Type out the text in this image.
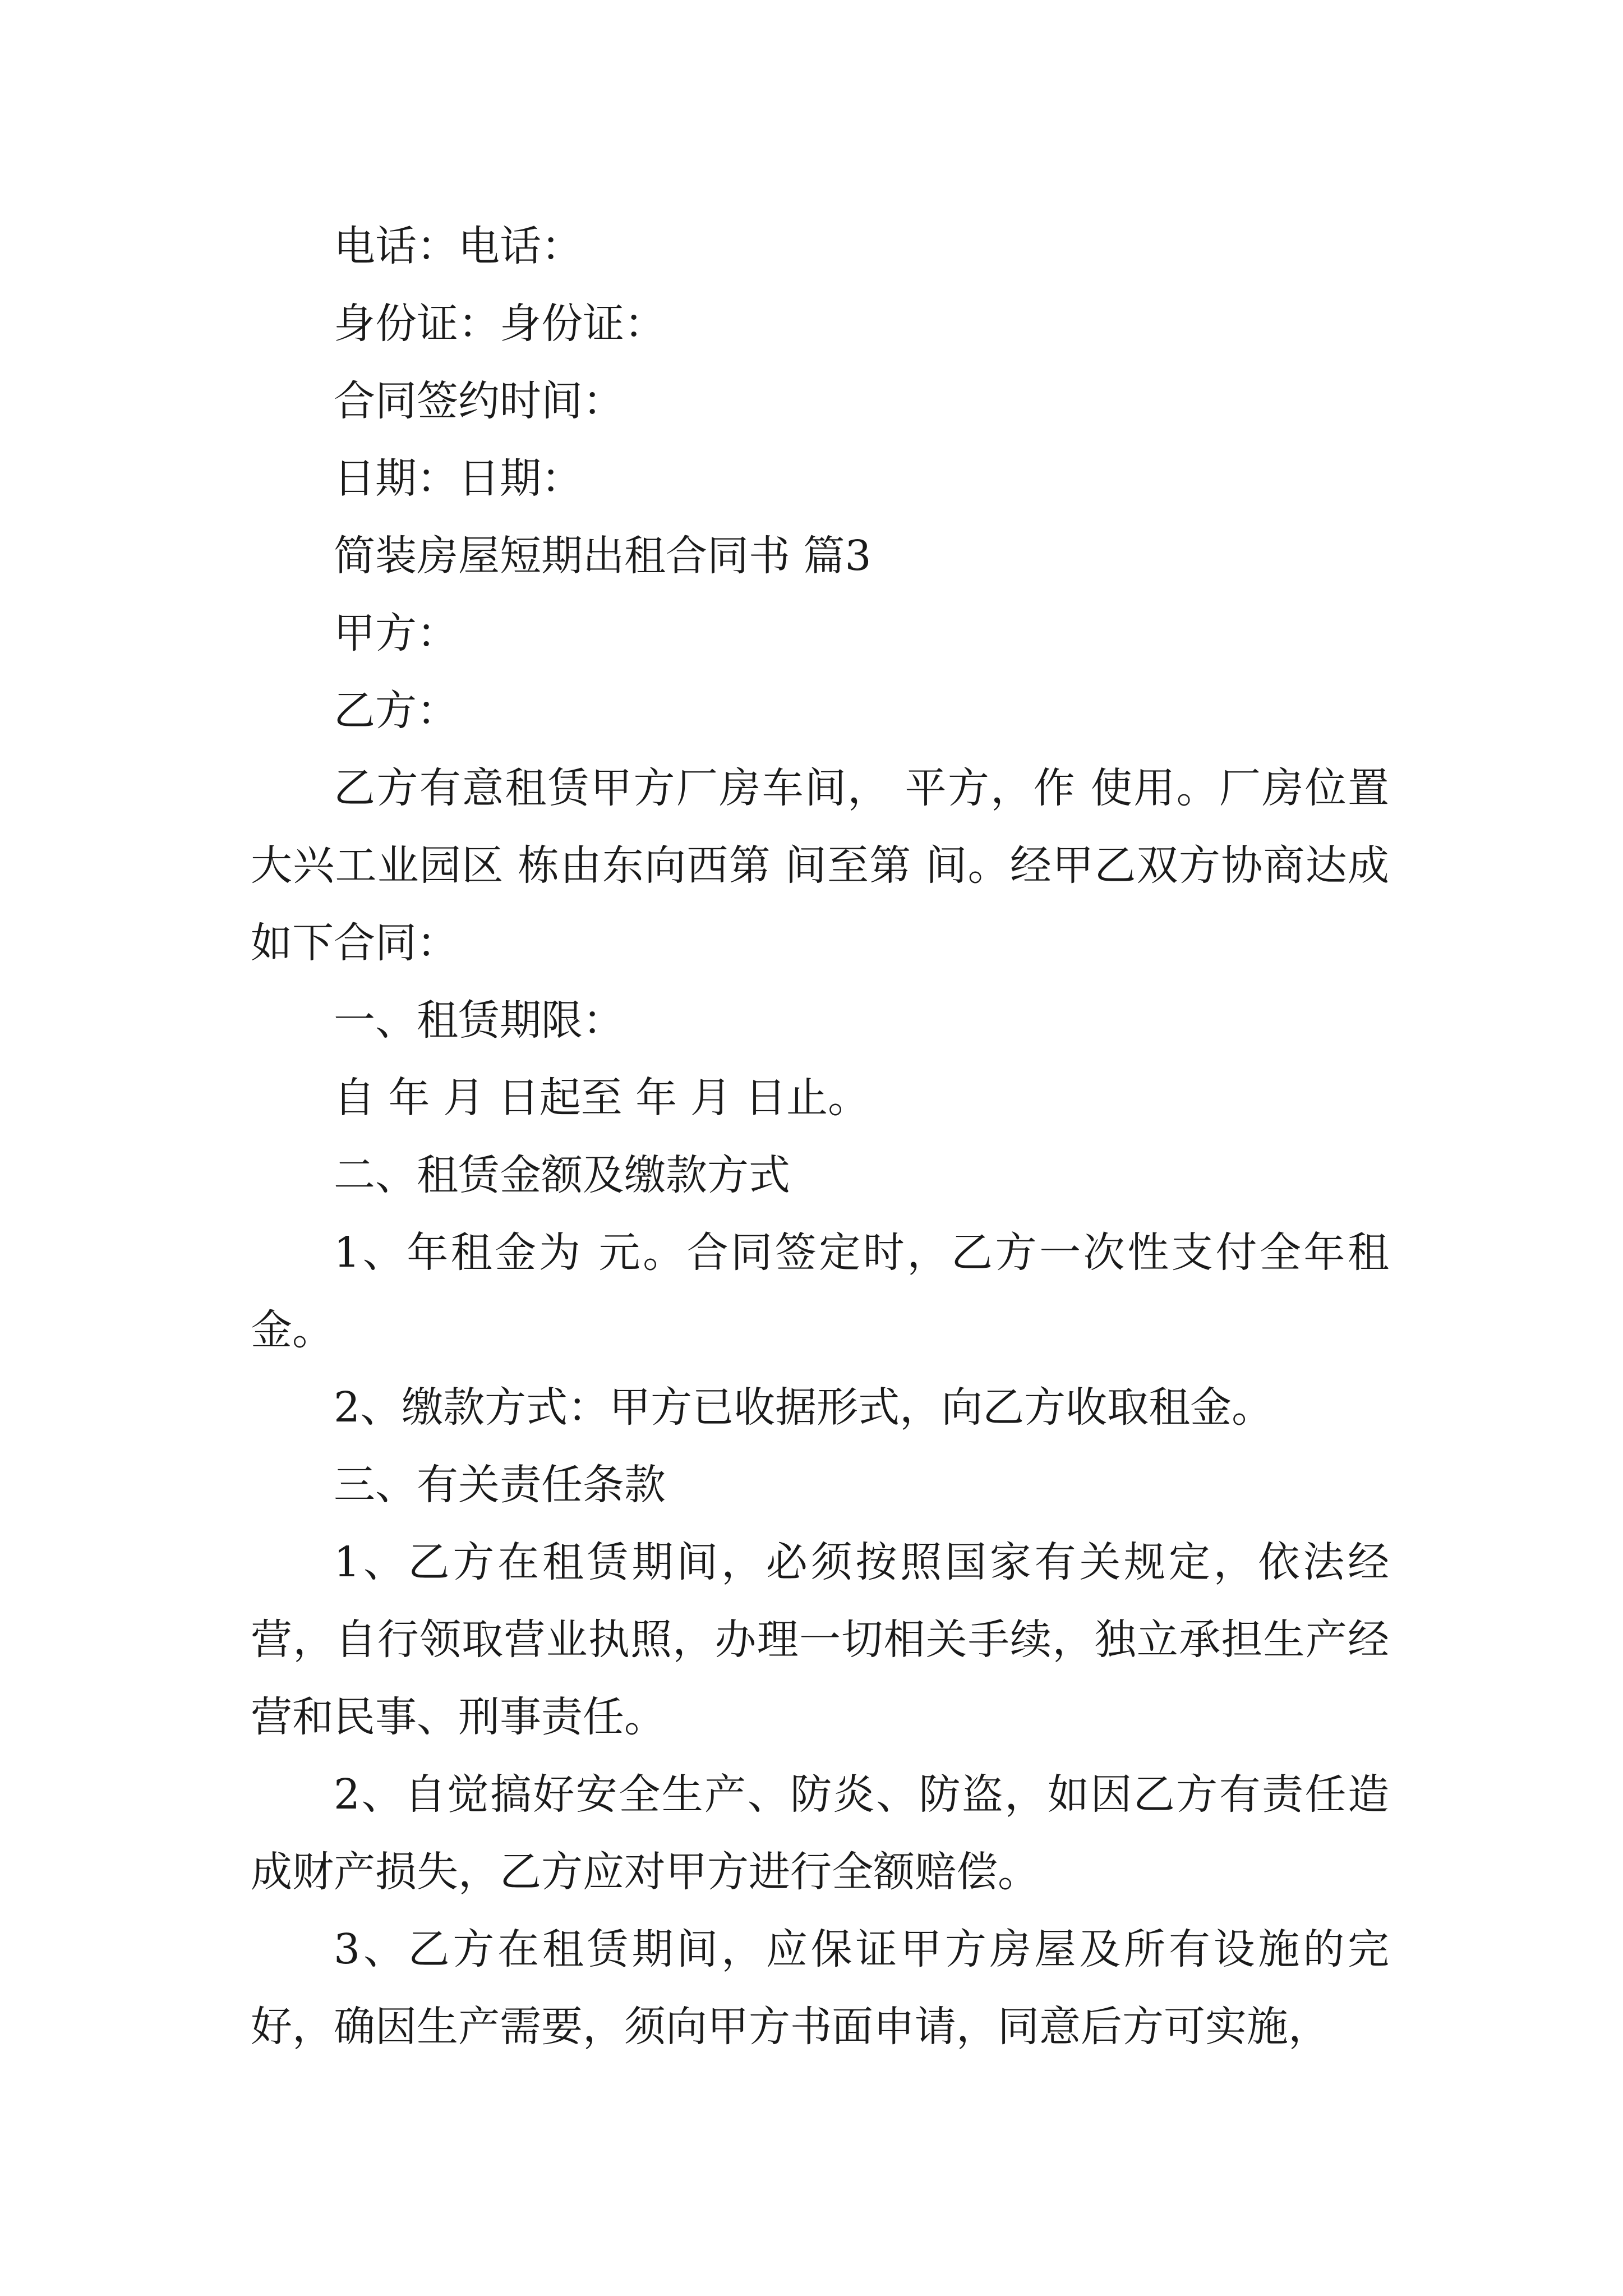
电话：电话：

身份证：身份证：

合同签约时间：

日期：日期：

简装房屋短期出租合同书 篇3

甲方：

乙方：

乙方有意租赁甲方厂房车间， 平方，作 使用。厂房位置大兴工业园区 栋由东向西第 间至第 间。经甲乙双方协商达成如下合同：

一、租赁期限：

自 年 月 日起至 年 月 日止。

二、租赁金额及缴款方式

1、年租金为 元。合同签定时，乙方一次性支付全年租金。

2、缴款方式：甲方已收据形式，向乙方收取租金。

三、有关责任条款

1、乙方在租赁期间，必须按照国家有关规定，依法经营，自行领取营业执照，办理一切相关手续，独立承担生产经营和民事、刑事责任。

2、自觉搞好安全生产、防炎、防盗，如因乙方有责任造成财产损失，乙方应对甲方进行全额赔偿。

3、乙方在租赁期间，应保证甲方房屋及所有设施的完好，确因生产需要，须向甲方书面申请，同意后方可实施，
